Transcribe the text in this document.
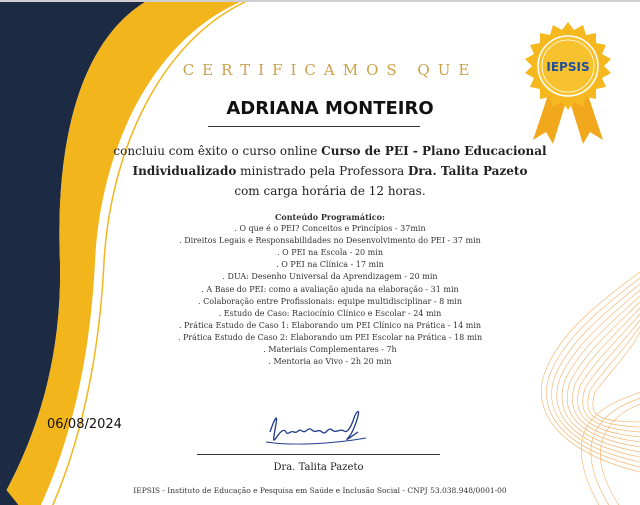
IEPSIS
CERTIFICAMOS QUE
ADRIANA MONTEIRO
concluiu com êxito o curso online Curso de PEI - Plano Educacional
Individualizado ministrado pela Professora Dra. Talita Pazeto
com carga horária de 12 horas.
Conteúdo Programático:
. O que é o PEI? Conceitos e Princípios - 37min
. Direitos Legais e Responsabilidades no Desenvolvimento do PEI - 37 min
. O PEI na Escola - 20 min
. O PEI na Clínica - 17 min
. DUA: Desenho Universal da Aprendizagem - 20 min
. A Base do PEI: como a avaliação ajuda na elaboração - 31 min
. Colaboração entre Profissionais: equipe multidisciplinar - 8 min
. Estudo de Caso: Raciocínio Clínico e Escolar - 24 min
. Prática Estudo de Caso 1: Elaborando um PEI Clínico na Prática - 14 min
. Prática Estudo de Caso 2: Elaborando um PEI Escolar na Prática - 18 min
. Materiais Complementares - 7h
. Mentoria ao Vivo - 2h 20 min
06/08/2024
Dra. Talita Pazeto
IEPSIS - Instituto de Educação e Pesquisa em Saúde e Inclusão Social - CNPJ 53.038.948/0001-00
